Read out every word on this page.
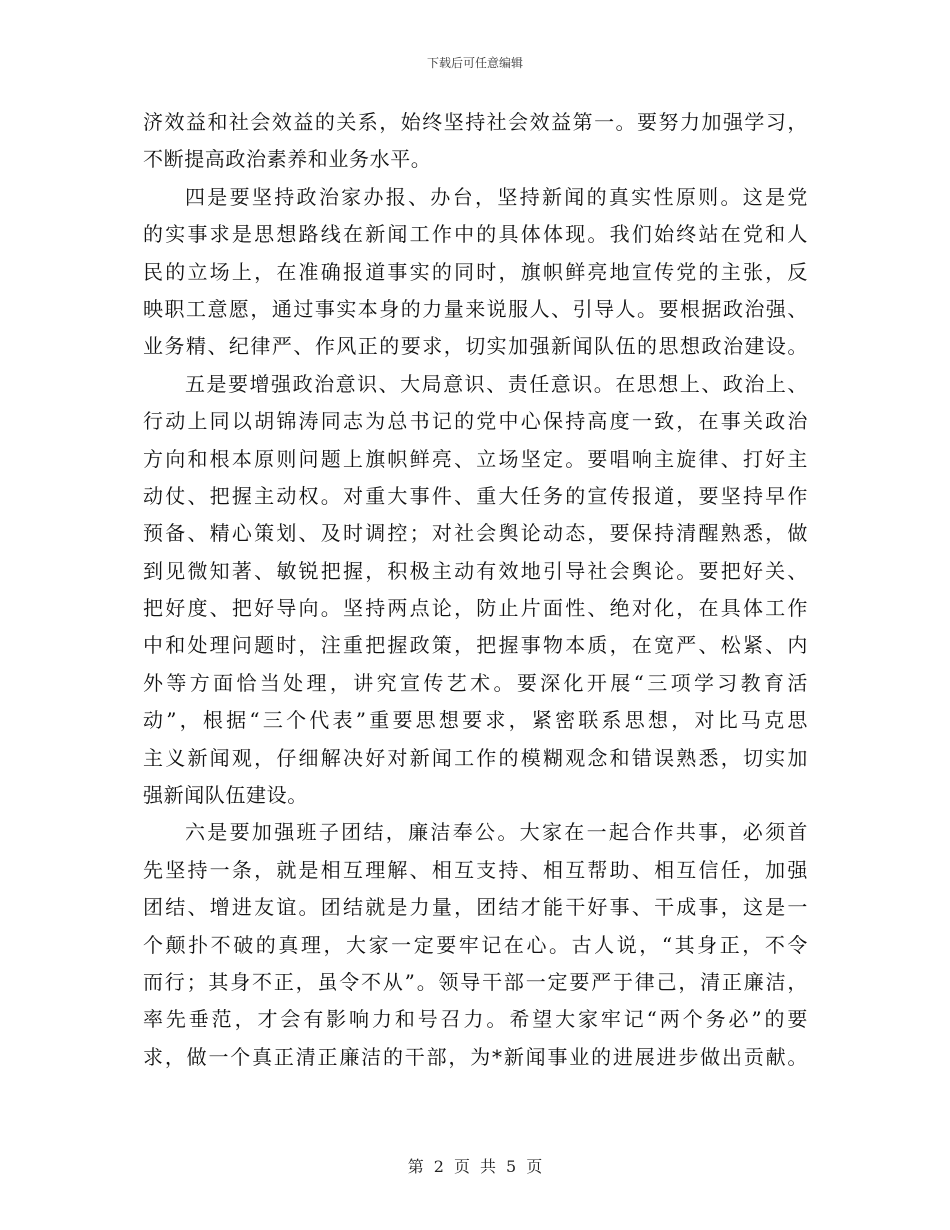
下载后可任意编辑
济效益和社会效益的关系，始终坚持社会效益第一。要努力加强学习，
不断提高政治素养和业务水平。
四是要坚持政治家办报、办台，坚持新闻的真实性原则。这是党
的实事求是思想路线在新闻工作中的具体体现。我们始终站在党和人
民的立场上，在准确报道事实的同时，旗帜鲜亮地宣传党的主张，反
映职工意愿，通过事实本身的力量来说服人、引导人。要根据政治强、
业务精、纪律严、作风正的要求，切实加强新闻队伍的思想政治建设。
五是要增强政治意识、大局意识、责任意识。在思想上、政治上、
行动上同以胡锦涛同志为总书记的党中心保持高度一致，在事关政治
方向和根本原则问题上旗帜鲜亮、立场坚定。要唱响主旋律、打好主
动仗、把握主动权。对重大事件、重大任务的宣传报道，要坚持早作
预备、精心策划、及时调控；对社会舆论动态，要保持清醒熟悉，做
到见微知著、敏锐把握，积极主动有效地引导社会舆论。要把好关、
把好度、把好导向。坚持两点论，防止片面性、绝对化，在具体工作
中和处理问题时，注重把握政策，把握事物本质，在宽严、松紧、内
外等方面恰当处理，讲究宣传艺术。要深化开展“三项学习教育活
动”，根据“三个代表”重要思想要求，紧密联系思想，对比马克思
主义新闻观，仔细解决好对新闻工作的模糊观念和错误熟悉，切实加
强新闻队伍建设。
六是要加强班子团结，廉洁奉公。大家在一起合作共事，必须首
先坚持一条，就是相互理解、相互支持、相互帮助、相互信任，加强
团结、增进友谊。团结就是力量，团结才能干好事、干成事，这是一
个颠扑不破的真理，大家一定要牢记在心。古人说，“其身正，不令
而行；其身不正，虽令不从”。领导干部一定要严于律己，清正廉洁，
率先垂范，才会有影响力和号召力。希望大家牢记“两个务必”的要
求，做一个真正清正廉洁的干部，为*新闻事业的进展进步做出贡献。
第 2 页 共 5 页
